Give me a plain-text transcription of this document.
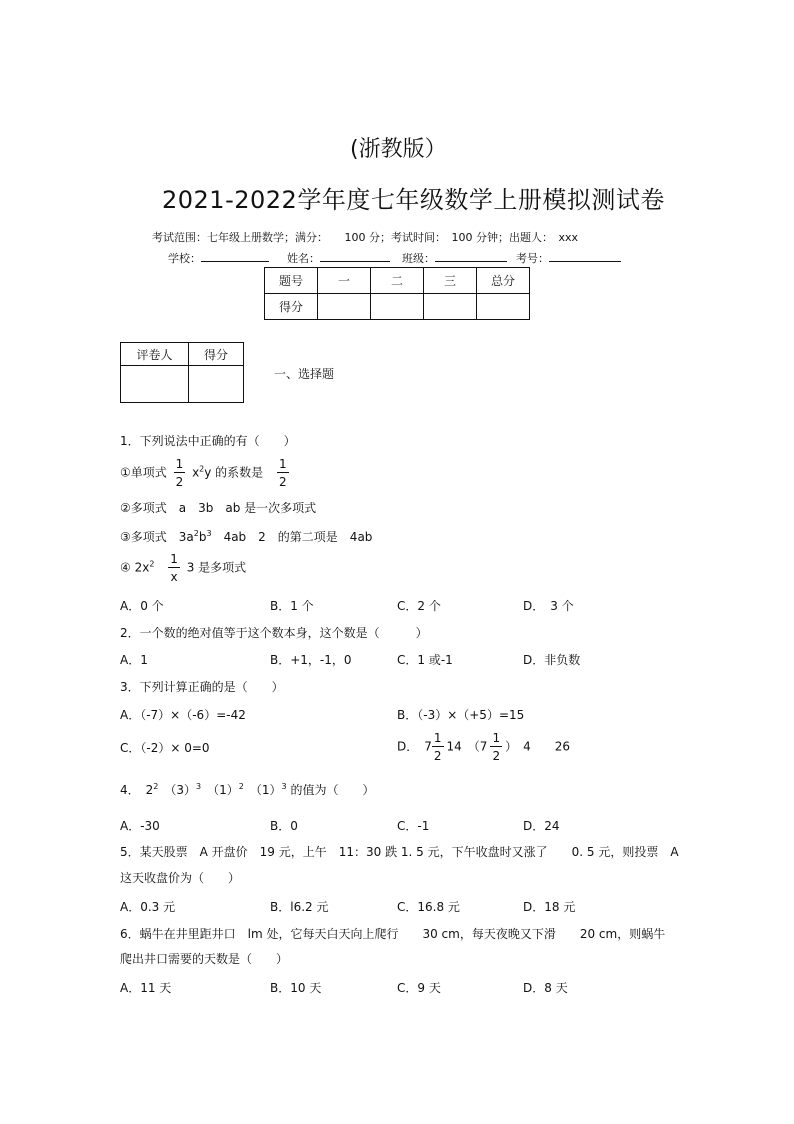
(浙教版）
2021-2022学年度七年级数学上册模拟测试卷
考试范围：七年级上册数学；满分：　　100 分；考试时间：　100 分钟；出题人：　xxx
学校：	姓名：	班级：	考号：
题号	一	二	三	总分
得分				
评卷人	得分

一、选择题
1．下列说法中正确的有（　　）
①单项式 $\frac{1}{2} x^2y$ 的系数是 $\frac{1}{2}$
②多项式　a　3b　ab 是一次多项式
③多项式　$3a^2b^3$　4ab　2　的第二项是　4ab
④ $2x^2 \frac{1}{x} 3$ 是多项式
A．0 个	B．1 个	C．2 个	D．　3 个
2．一个数的绝对值等于这个数本身，这个数是（　　　）
A．1	B．+1，-1，0	C．1 或-1	D．非负数
3．下列计算正确的是（　　）
A．（-7）×（-6）=-42	B．（-3）×（+5）=15
C．（-2）× 0=0	D．　$7 \frac{1}{2} 14$　（$7 \frac{1}{2}$ ）　4　　26
4．　$2^2$　 $(3)^3$　 $(1)^2$　 $(1)^3$ 的值为（　　）
A．-30	B．0	C．-1	D．24
5．某天股票　A 开盘价　19 元，上午　11：30 跌 1. 5 元，下午收盘时又涨了　　0. 5 元，则投票　A
这天收盘价为（　　）
A．0.3 元	B．l6.2 元	C．16.8 元	D．18 元
6．蜗牛在井里距井口　lm 处，它每天白天向上爬行　　30 cm，每天夜晚又下滑　　20 cm，则蜗牛
爬出井口需要的天数是（　　）
A．11 天	B．10 天	C．9 天	D．8 天
